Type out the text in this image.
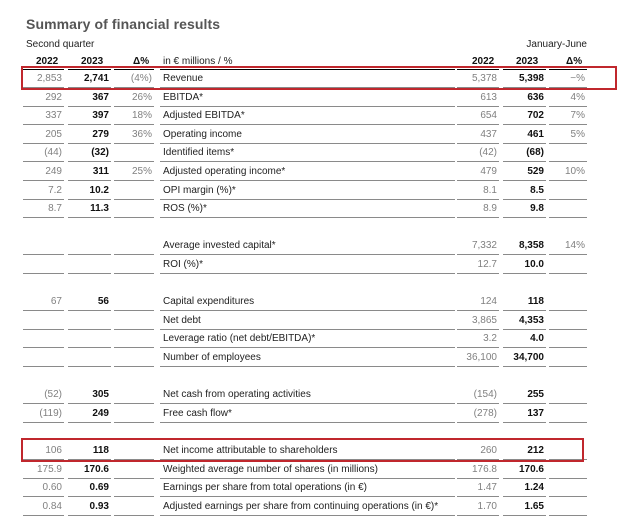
Summary of financial results
Second quarter	January-June
2022 2023	Δ% in € millions / %	2022 2023	Δ%
2,853	2,741	(4%)	Revenue	5,378	5,398	−%
292	367	26%	EBITDA*	613	636	4%
337	397	18%	Adjusted EBITDA*	654	702	7%
205	279	36%	Operating income	437	461	5%
(44)	(32)	Identified items*	(42)	(68)
249	311	25%	Adjusted operating income*	479	529	10%
7.2	10.2	OPI margin (%)*	8.1	8.5
8.7	11.3	ROS (%)*	8.9	9.8
Average invested capital*	7,332	8,358	14%
ROI (%)*	12.7	10.0
67	56	Capital expenditures	124	118
Net debt	3,865	4,353
Leverage ratio (net debt/EBITDA)*	3.2	4.0
Number of employees	36,100	34,700
(52)	305	Net cash from operating activities	(154)	255
(119)	249	Free cash flow*	(278)	137
106	118	Net income attributable to shareholders	260	212
175.9	170.6	Weighted average number of shares (in millions)	176.8	170.6
0.60	0.69	Earnings per share from total operations (in €)	1.47	1.24
0.84	0.93	Adjusted earnings per share from continuing operations (in €)*	1.70	1.65
